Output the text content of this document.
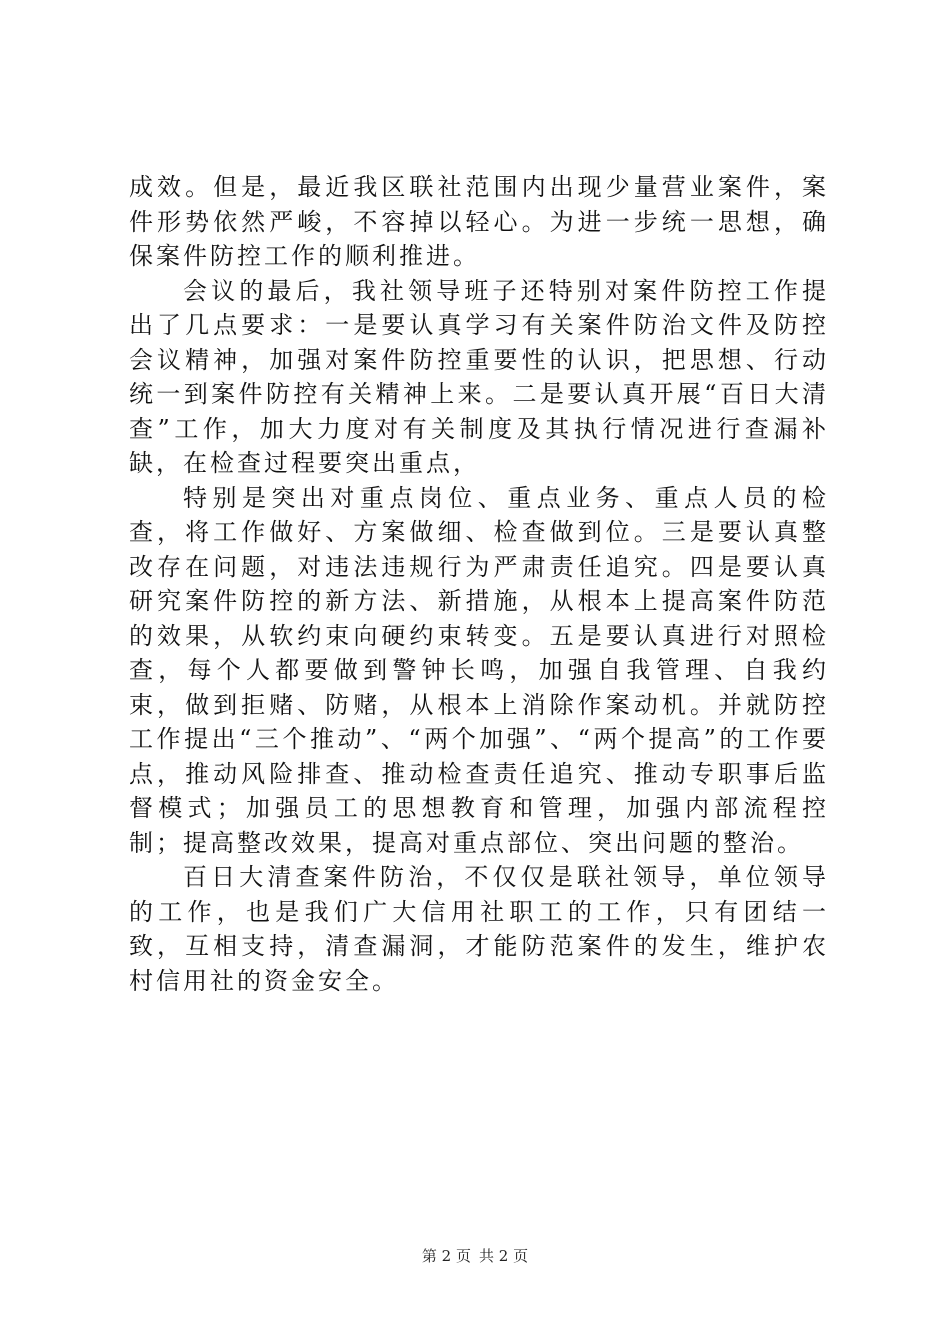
成效。但是，最近我区联社范围内出现少量营业案件，案件形势依然严峻，不容掉以轻心。为进一步统一思想，确保案件防控工作的顺利推进。

会议的最后，我社领导班子还特别对案件防控工作提出了几点要求：一是要认真学习有关案件防治文件及防控会议精神，加强对案件防控重要性的认识，把思想、行动统一到案件防控有关精神上来。二是要认真开展“百日大清查”工作，加大力度对有关制度及其执行情况进行查漏补缺，在检查过程要突出重点，

特别是突出对重点岗位、重点业务、重点人员的检查，将工作做好、方案做细、检查做到位。三是要认真整改存在问题，对违法违规行为严肃责任追究。四是要认真研究案件防控的新方法、新措施，从根本上提高案件防范的效果，从软约束向硬约束转变。五是要认真进行对照检查，每个人都要做到警钟长鸣，加强自我管理、自我约束，做到拒赌、防赌，从根本上消除作案动机。并就防控工作提出“三个推动”、“两个加强”、“两个提高”的工作要点，推动风险排查、推动检查责任追究、推动专职事后监督模式；加强员工的思想教育和管理，加强内部流程控制；提高整改效果，提高对重点部位、突出问题的整治。

百日大清查案件防治，不仅仅是联社领导，单位领导的工作，也是我们广大信用社职工的工作，只有团结一致，互相支持，清查漏洞，才能防范案件的发生，维护农村信用社的资金安全。

第 2 页 共 2 页
